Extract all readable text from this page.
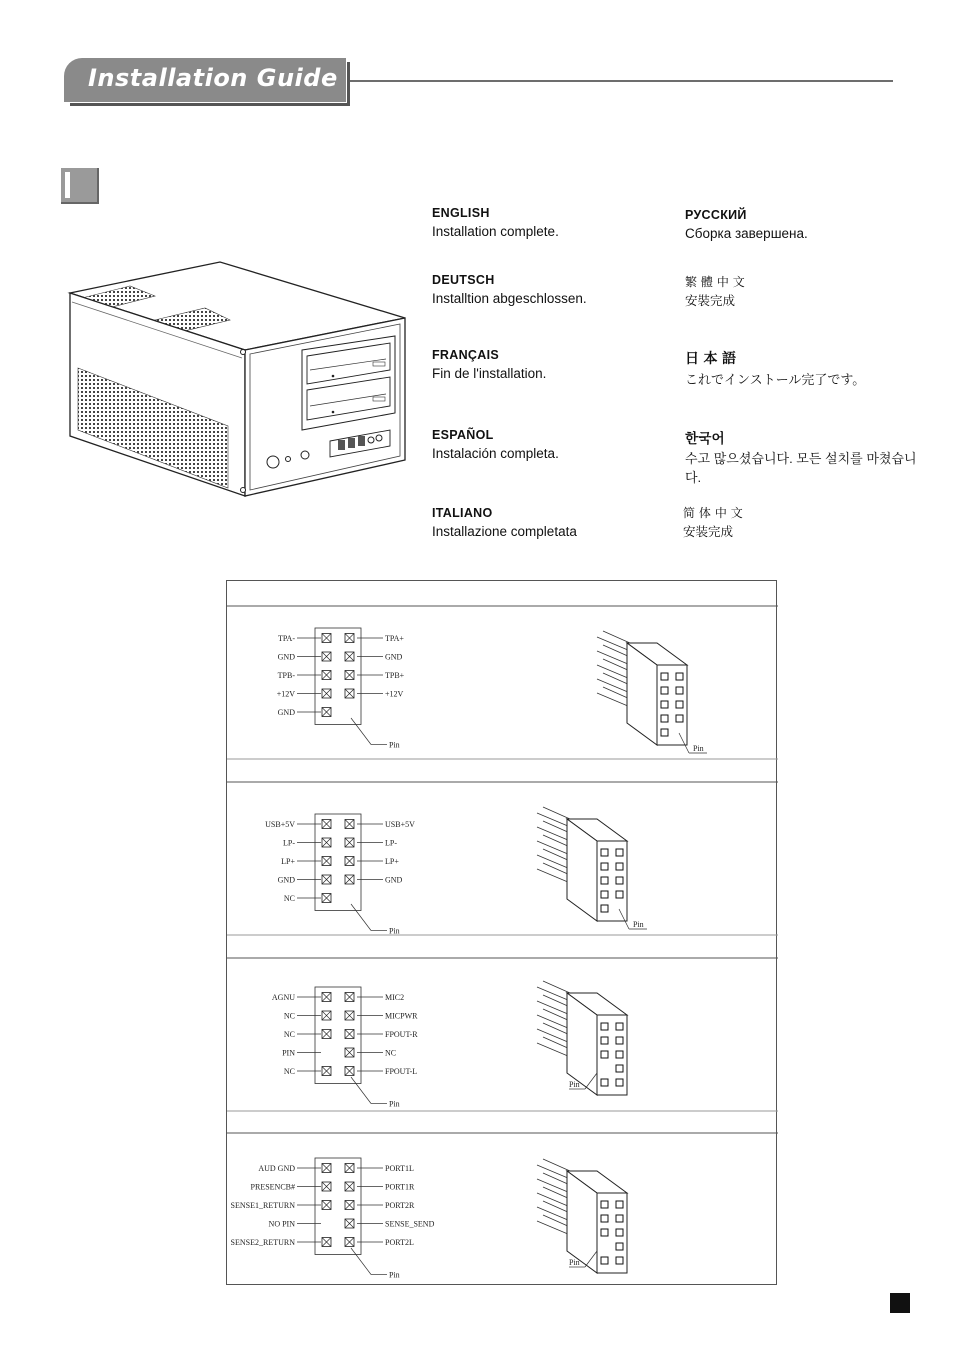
Installation Guide
ENGLISH
Installation complete.
DEUTSCH
Installtion abgeschlossen.
FRANÇAIS
Fin de l'installation.
ESPAÑOL
Instalación completa.
ITALIANO
Installazione completata
РУССКИЙ
Сборка завершена.
繁 體 中 文
安裝完成
日 本 語
これでインストール完了です。
한국어
수고 많으셨습니다. 모든 설치를 마쳤습니다.
简 体 中 文
安装完成
TPA-	TPA+
GND	GND
TPB-	TPB+
+12V	+12V
GND
Pin	Pin
USB+5V	USB+5V
LP-	LP-
LP+	LP+
GND	GND
NC
Pin
Pin
AGNU	MIC2
NC	MICPWR
NC	FPOUT-R
PIN	NC
NC	FPOUT-L
Pin
Pin
AUD GND	PORT1L
PRESENCB#	PORT1R
SENSE1_RETURN	PORT2R
NO PIN	SENSE_SEND
SENSE2_RETURN	PORT2L
Pin
Pin
